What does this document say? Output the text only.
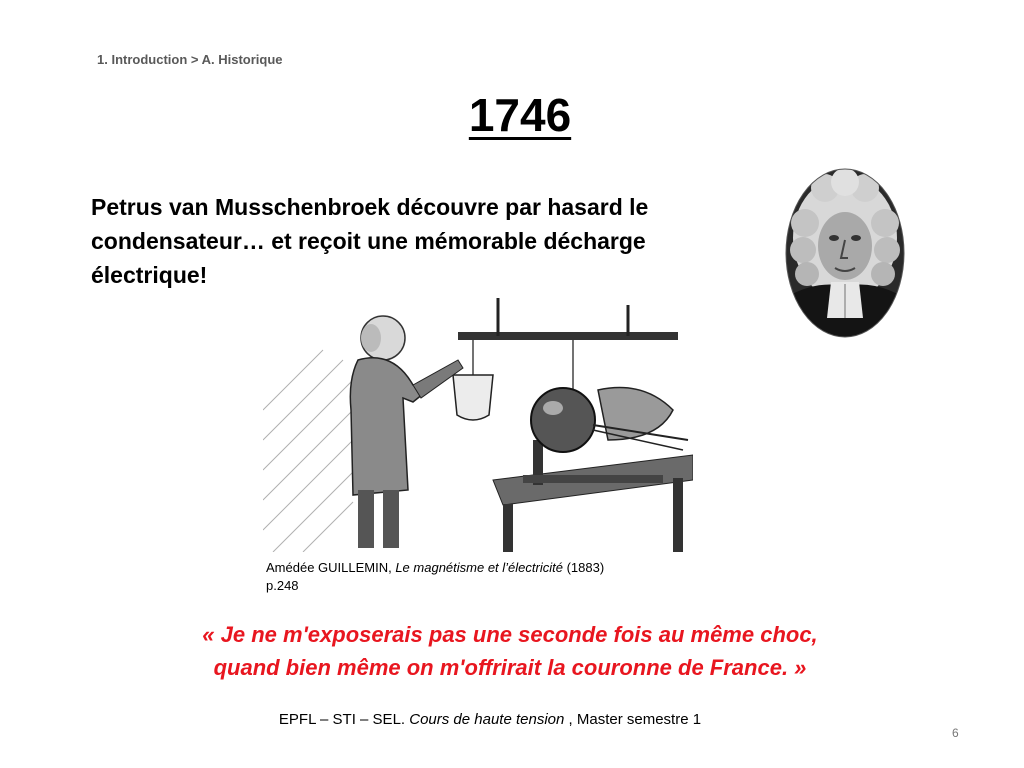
1. Introduction > A. Historique
1746
Petrus van Musschenbroek découvre par hasard le condensateur… et reçoit une mémorable décharge électrique!
Amédée GUILLEMIN, Le magnétisme et l’électricité (1883)
p.248
« Je ne m'exposerais pas une seconde fois au même choc,
quand bien même on m'offrirait la couronne de France. »
EPFL – STI – SEL. Cours de haute tension , Master semestre 1
6
